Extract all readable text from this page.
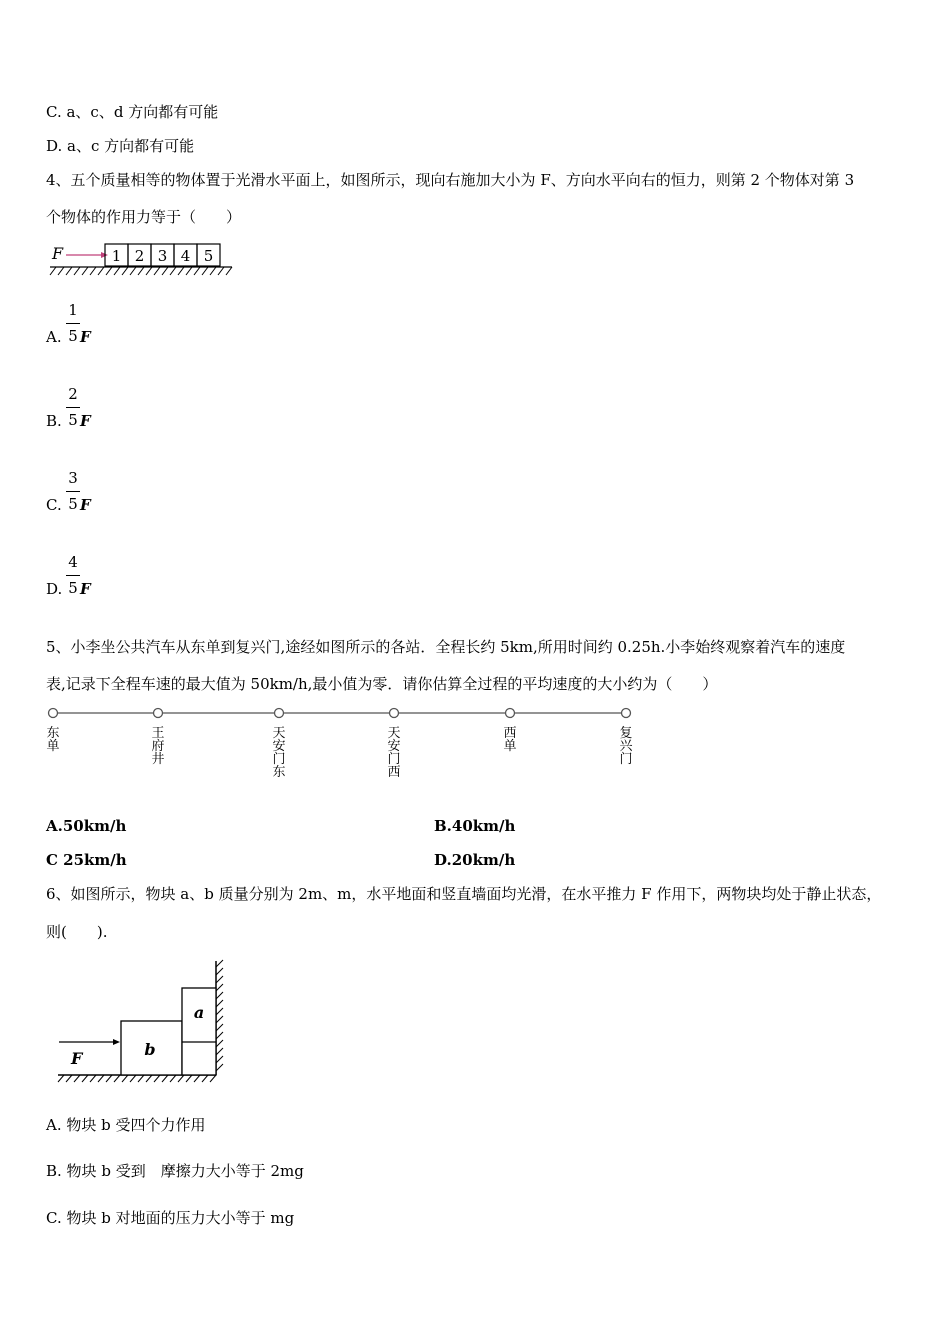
C. a、c、d 方向都有可能
D. a、c 方向都有可能
4、五个质量相等的物体置于光滑水平面上，如图所示，现向右施加大小为 F、方向水平向右的恒力，则第 2 个物体对第 3
个物体的作用力等于（　　）
F	1 2 3 4 5
A.
1
5 F
B.
2
5 F
C.
3
5 F
D.
4
5 F
5、小李坐公共汽车从东单到复兴门,途经如图所示的各站．全程长约 5km,所用时间约 0.25h.小李始终观察着汽车的速度
表,记录下全程车速的最大值为 50km/h,最小值为零．请你估算全过程的平均速度的大小约为（　　）
东单
王府井
天安门东
天安门西
西单
复兴门
A.50km/h	B.40km/h
C 25km/h	D.20km/h
6、如图所示，物块 a、b 质量分别为 2m、m，水平地面和竖直墙面均光滑，在水平推力 F 作用下，两物块均处于静止状态，
则(　　).
b
a
F
A. 物块 b 受四个力作用
B. 物块 b 受到　摩擦力大小等于 2mg
C. 物块 b 对地面的压力大小等于 mg
